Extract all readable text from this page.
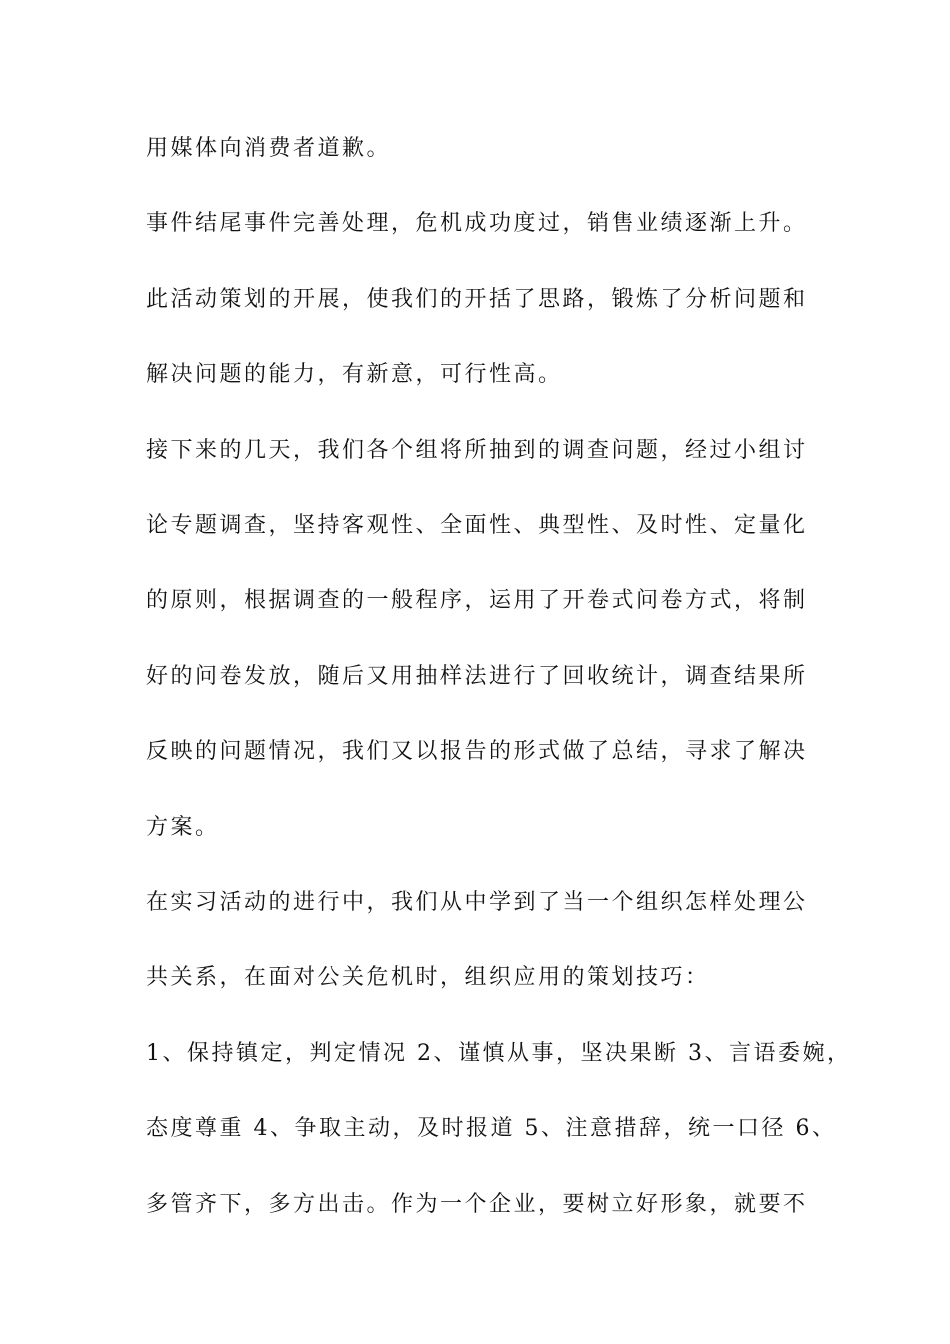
用媒体向消费者道歉。

事件结尾事件完善处理，危机成功度过，销售业绩逐渐上升。

此活动策划的开展，使我们的开括了思路，锻炼了分析问题和

解决问题的能力，有新意，可行性高。

接下来的几天，我们各个组将所抽到的调查问题，经过小组讨

论专题调查，坚持客观性、全面性、典型性、及时性、定量化

的原则，根据调查的一般程序，运用了开卷式问卷方式，将制

好的问卷发放，随后又用抽样法进行了回收统计，调查结果所

反映的问题情况，我们又以报告的形式做了总结，寻求了解决

方案。

在实习活动的进行中，我们从中学到了当一个组织怎样处理公

共关系，在面对公关危机时，组织应用的策划技巧：

1、保持镇定，判定情况 2、谨慎从事，坚决果断 3、言语委婉，

态度尊重 4、争取主动，及时报道 5、注意措辞，统一口径 6、

多管齐下，多方出击。作为一个企业，要树立好形象，就要不
